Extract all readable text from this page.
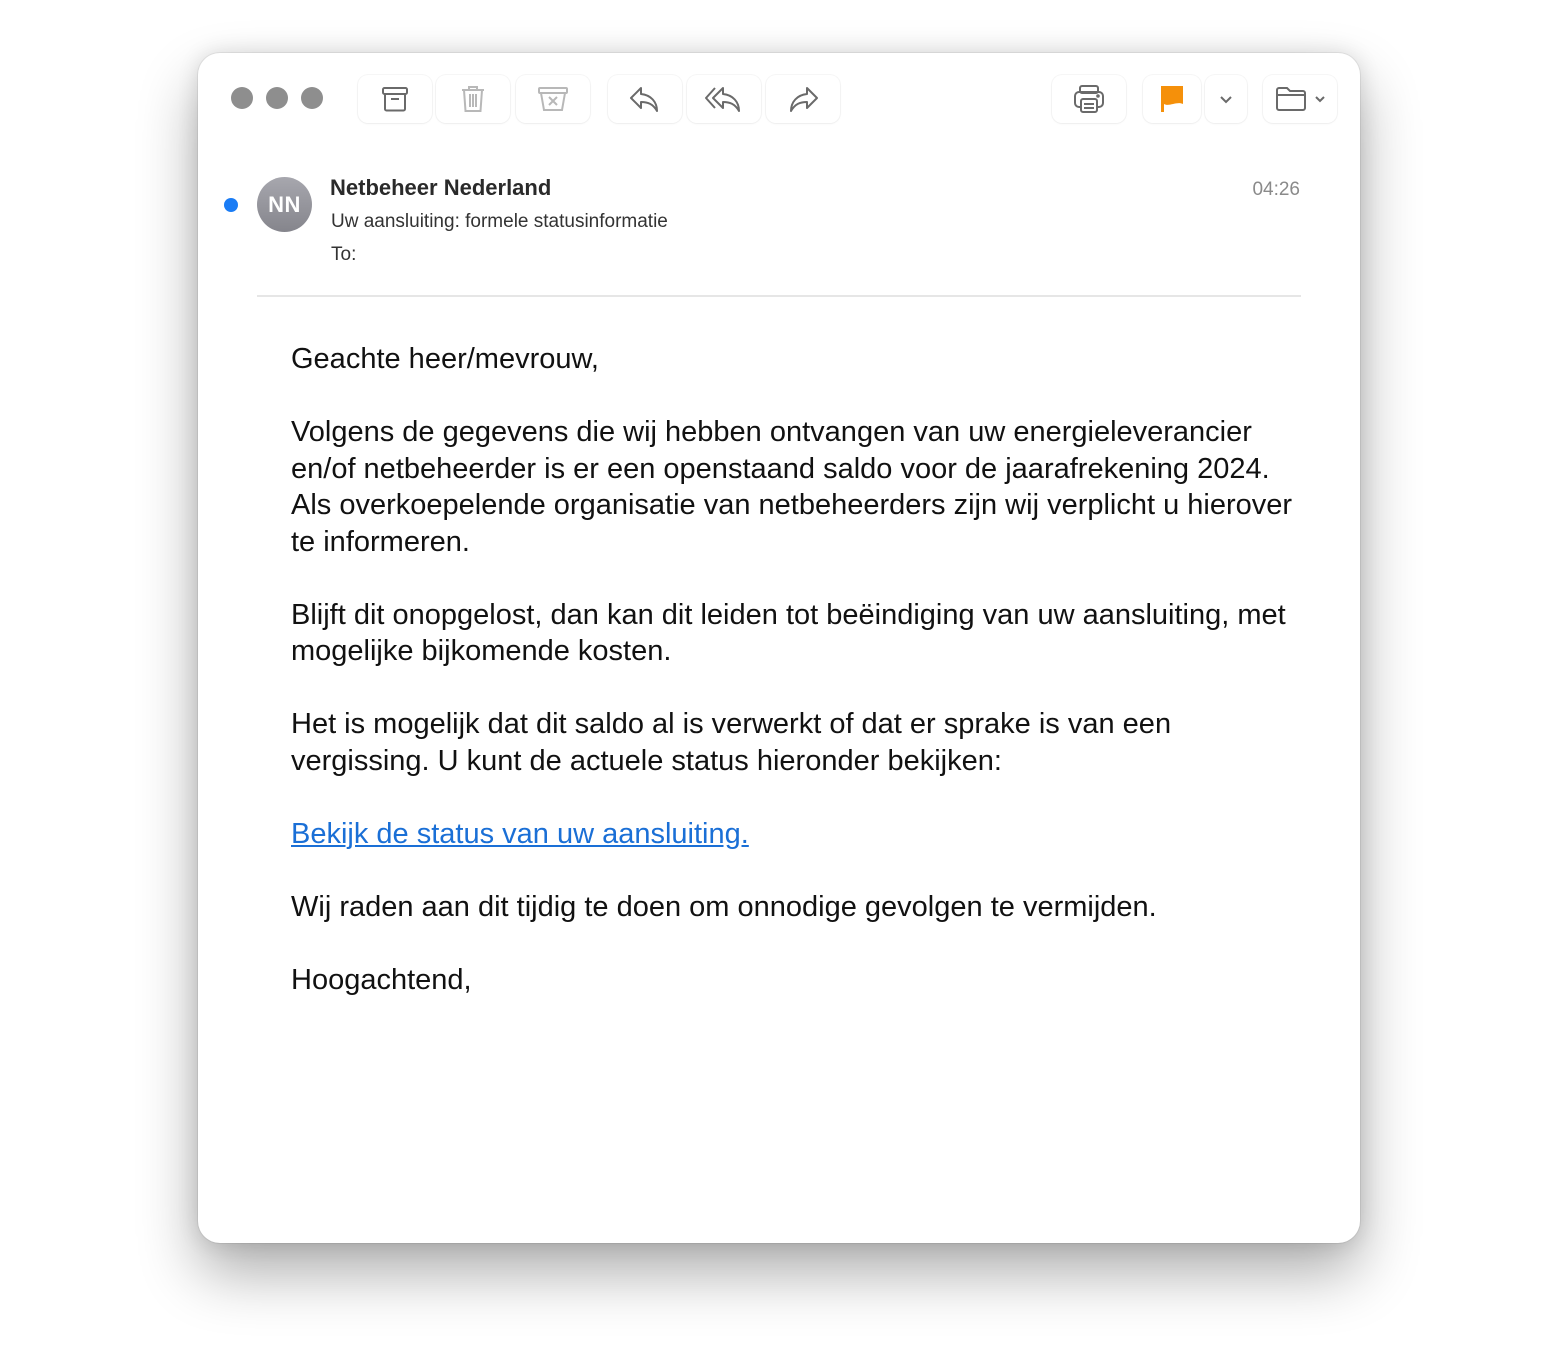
NN
Netbeheer Nederland
Uw aansluiting: formele statusinformatie
To:
04:26

Geachte heer/mevrouw,

Volgens de gegevens die wij hebben ontvangen van uw energieleverancier en/of netbeheerder is er een openstaand saldo voor de jaarafrekening 2024. Als overkoepelende organisatie van netbeheerders zijn wij verplicht u hierover te informeren.

Blijft dit onopgelost, dan kan dit leiden tot beëindiging van uw aansluiting, met mogelijke bijkomende kosten.

Het is mogelijk dat dit saldo al is verwerkt of dat er sprake is van een vergissing. U kunt de actuele status hieronder bekijken:

Bekijk de status van uw aansluiting.

Wij raden aan dit tijdig te doen om onnodige gevolgen te vermijden.

Hoogachtend,
